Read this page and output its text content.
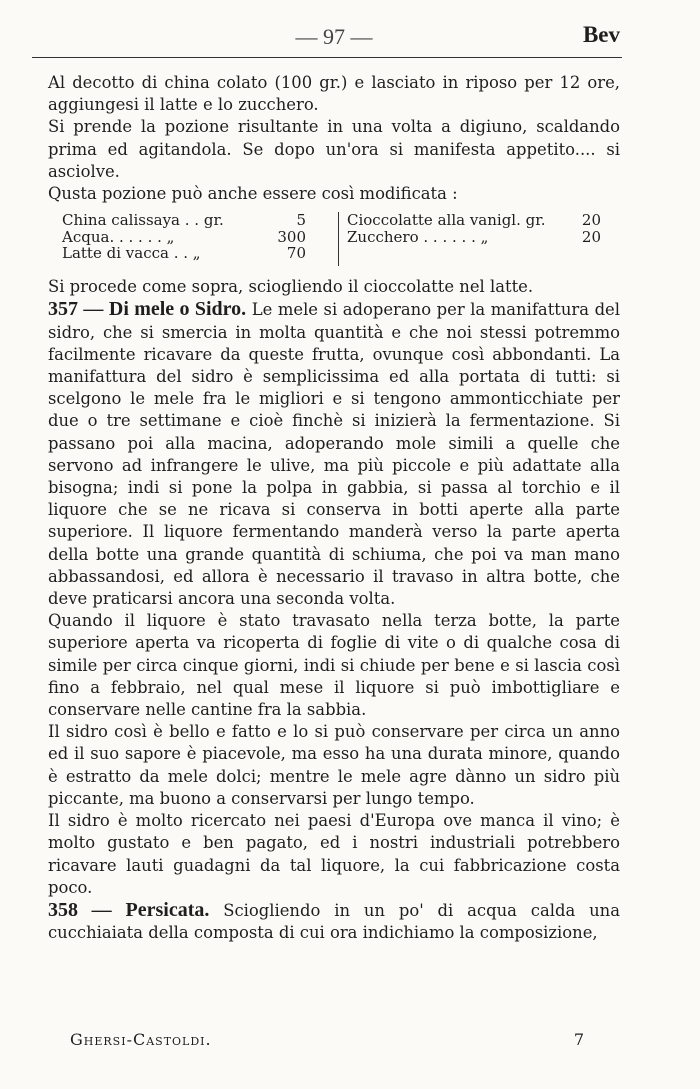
— 97 —	Bev

Al decotto di china colato (100 gr.) e lasciato in riposo per 12 ore, aggiungesi il latte e lo zucchero.

Si prende la pozione risultante in una volta a digiuno, scaldando prima ed agitandola. Se dopo un'ora si manifesta appetito.... si asciolve.

Qusta pozione può anche essere così modificata :

China calissaya . . gr.	5
Acqua. . . . . . „	300
Latte di vacca . . „	70
Cioccolatte alla vanigl. gr. 20
Zucchero . . . . . . „	20

Si procede come sopra, sciogliendo il cioccolatte nel latte.

357 — Di mele o Sidro. Le mele si adoperano per la manifattura del sidro, che si smercia in molta quantità e che noi stessi potremmo facilmente ricavare da queste frutta, ovunque così abbondanti. La manifattura del sidro è semplicissima ed alla portata di tutti: si scelgono le mele fra le migliori e si tengono ammonticchiate per due o tre settimane e cioè finchè si inizierà la fermentazione. Si passano poi alla macina, adoperando mole simili a quelle che servono ad infrangere le ulive, ma più piccole e più adattate alla bisogna; indi si pone la polpa in gabbia, si passa al torchio e il liquore che se ne ricava si conserva in botti aperte alla parte superiore. Il liquore fermentando manderà verso la parte aperta della botte una grande quantità di schiuma, che poi va man mano abbassandosi, ed allora è necessario il travaso in altra botte, che deve praticarsi ancora una seconda volta.

Quando il liquore è stato travasato nella terza botte, la parte superiore aperta va ricoperta di foglie di vite o di qualche cosa di simile per circa cinque giorni, indi si chiude per bene e si lascia così fino a febbraio, nel qual mese il liquore si può imbottigliare e conservare nelle cantine fra la sabbia.

Il sidro così è bello e fatto e lo si può conservare per circa un anno ed il suo sapore è piacevole, ma esso ha una durata minore, quando è estratto da mele dolci; mentre le mele agre dànno un sidro più piccante, ma buono a conservarsi per lungo tempo.

Il sidro è molto ricercato nei paesi d'Europa ove manca il vino; è molto gustato e ben pagato, ed i nostri industriali potrebbero ricavare lauti guadagni da tal liquore, la cui fabbricazione costa poco.

358 — Persicata. Sciogliendo in un po' di acqua calda una cucchiaiata della composta di cui ora indichiamo la composizione,

Ghersi-Castoldi.	7
